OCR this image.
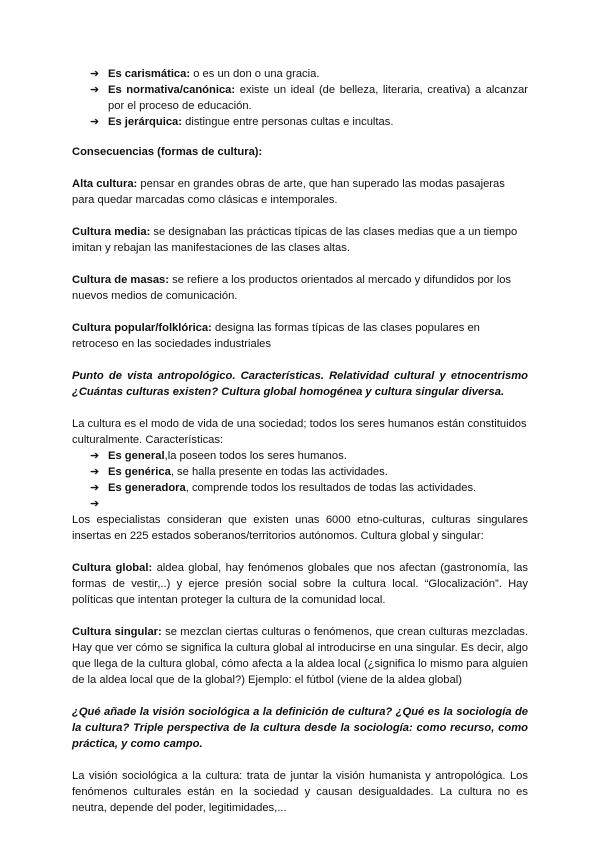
➔ Es carismática: o es un don o una gracia.
➔ Es normativa/canónica: existe un ideal (de belleza, literaria, creativa) a alcanzar por el proceso de educación.
➔ Es jerárquica: distingue entre personas cultas e incultas.

Consecuencias (formas de cultura):

Alta cultura: pensar en grandes obras de arte, que han superado las modas pasajeras para quedar marcadas como clásicas e intemporales.

Cultura media: se designaban las prácticas típicas de las clases medias que a un tiempo imitan y rebajan las manifestaciones de las clases altas.

Cultura de masas: se refiere a los productos orientados al mercado y difundidos por los nuevos medios de comunicación.

Cultura popular/folklórica: designa las formas típicas de las clases populares en retroceso en las sociedades industriales

Punto de vista antropológico. Características. Relatividad cultural y etnocentrismo ¿Cuántas culturas existen? Cultura global homogénea y cultura singular diversa.

La cultura es el modo de vida de una sociedad; todos los seres humanos están constituidos culturalmente. Características:

➔ Es general,la poseen todos los seres humanos.
➔ Es genérica, se halla presente en todas las actividades.
➔ Es generadora, comprende todos los resultados de todas las actividades.
➔

Los especialistas consideran que existen unas 6000 etno-culturas, culturas singulares insertas en 225 estados soberanos/territorios autónomos. Cultura global y singular:

Cultura global: aldea global, hay fenómenos globales que nos afectan (gastronomía, las formas de vestir,..) y ejerce presión social sobre la cultura local. “Glocalización”. Hay políticas que intentan proteger la cultura de la comunidad local.

Cultura singular: se mezclan ciertas culturas o fenómenos, que crean culturas mezcladas. Hay que ver cómo se significa la cultura global al introducirse en una singular. Es decir, algo que llega de la cultura global, cómo afecta a la aldea local (¿significa lo mismo para alguien de la aldea local que de la global?) Ejemplo: el fútbol (viene de la aldea global)

¿Qué añade la visión sociológica a la definición de cultura? ¿Qué es la sociología de la cultura? Triple perspectiva de la cultura desde la sociología: como recurso, como práctica, y como campo.

La visión sociológica a la cultura: trata de juntar la visión humanista y antropológica. Los fenómenos culturales están en la sociedad y causan desigualdades. La cultura no es neutra, depende del poder, legitimidades,...
